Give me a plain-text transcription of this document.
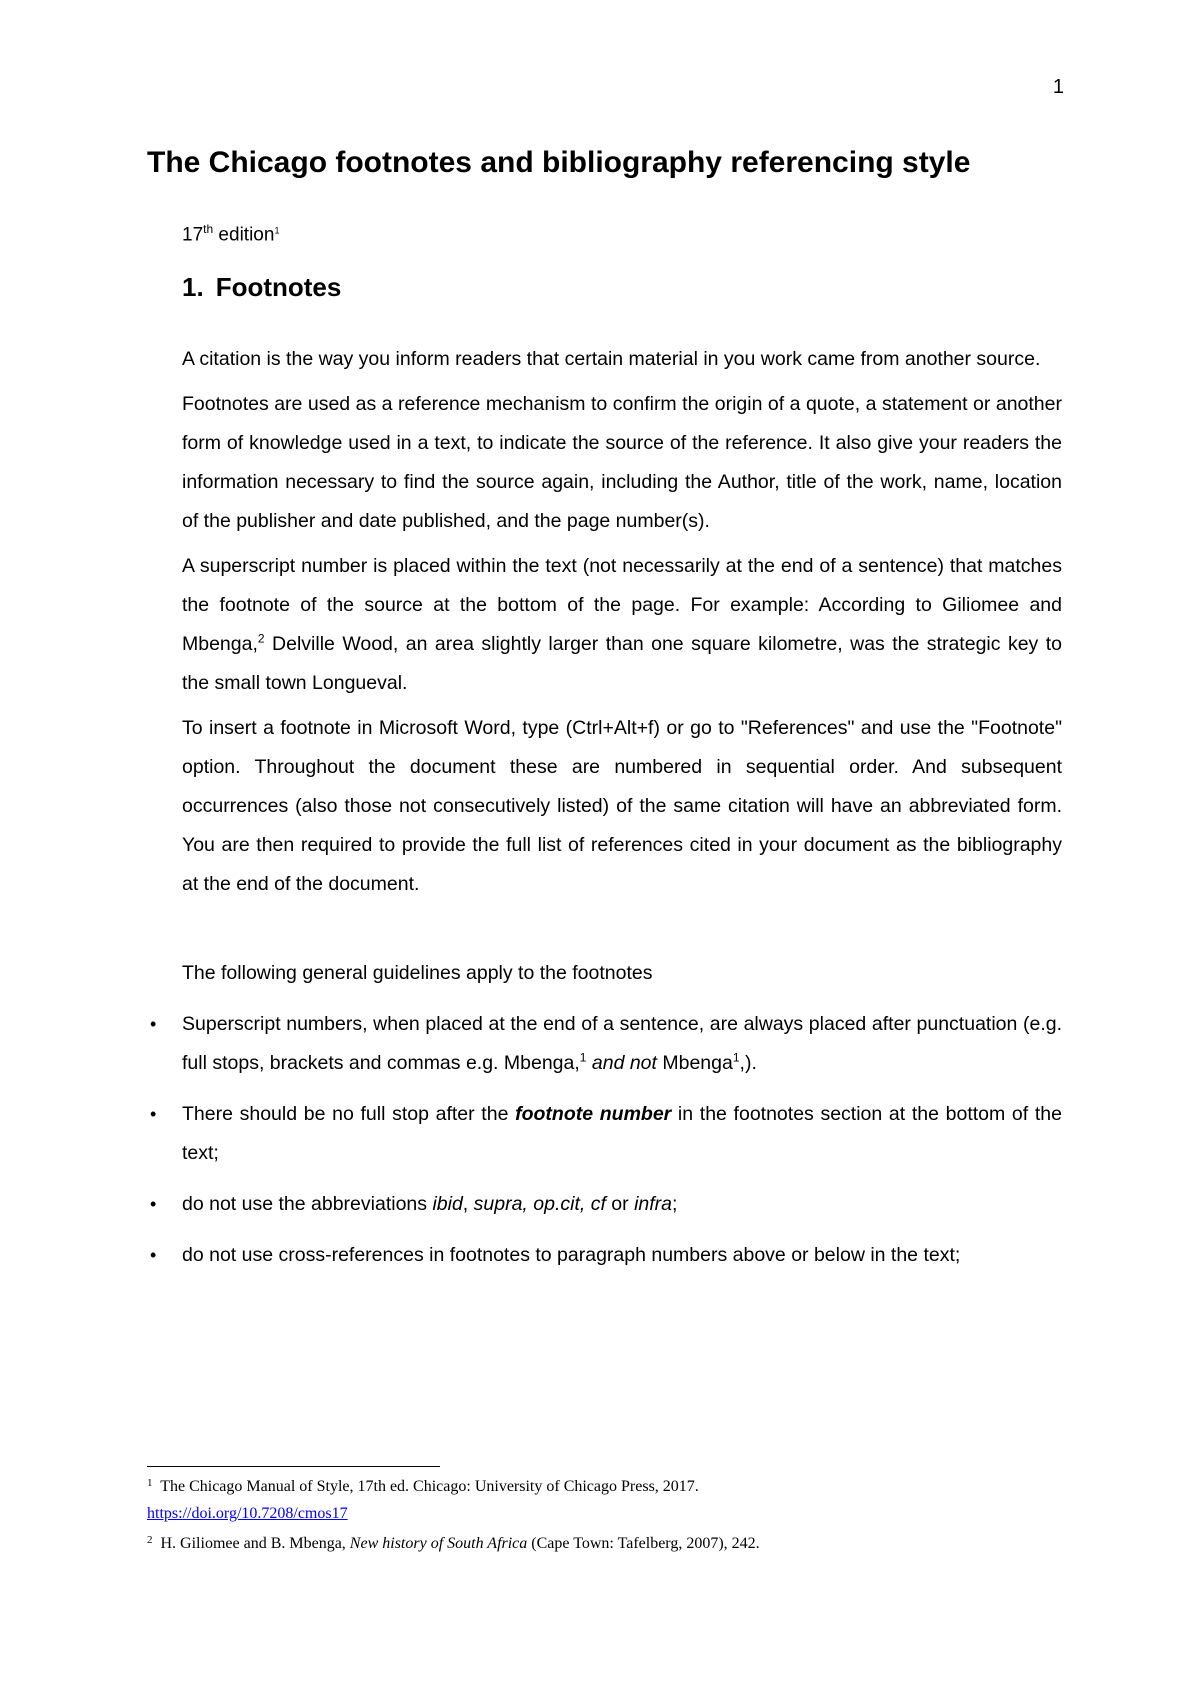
1
The Chicago footnotes and bibliography referencing style
17th edition$^1$
1. Footnotes

A citation is the way you inform readers that certain material in you work came from another source.

Footnotes are used as a reference mechanism to confirm the origin of a quote, a statement or another form of knowledge used in a text, to indicate the source of the reference. It also give your readers the information necessary to find the source again, including the Author, title of the work, name, location of the publisher and date published, and the page number(s).

A superscript number is placed within the text (not necessarily at the end of a sentence) that matches the footnote of the source at the bottom of the page. For example: According to Giliomee and Mbenga,$^2$ Delville Wood, an area slightly larger than one square kilometre, was the strategic key to the small town Longueval.

To insert a footnote in Microsoft Word, type (Ctrl+Alt+f) or go to "References" and use the "Footnote" option. Throughout the document these are numbered in sequential order. And subsequent occurrences (also those not consecutively listed) of the same citation will have an abbreviated form. You are then required to provide the full list of references cited in your document as the bibliography at the end of the document.

The following general guidelines apply to the footnotes

• Superscript numbers, when placed at the end of a sentence, are always placed after punctuation (e.g. full stops, brackets and commas e.g. Mbenga,$^1$ and not Mbenga$^1$,).
• There should be no full stop after the footnote number in the footnotes section at the bottom of the text;
• do not use the abbreviations ibid, supra, op.cit, cf or infra;
• do not use cross-references in footnotes to paragraph numbers above or below in the text;
$^1$ The Chicago Manual of Style, 17th ed. Chicago: University of Chicago Press, 2017.
https://doi.org/10.7208/cmos17
$^2$ H. Giliomee and B. Mbenga, New history of South Africa (Cape Town: Tafelberg, 2007), 242.
